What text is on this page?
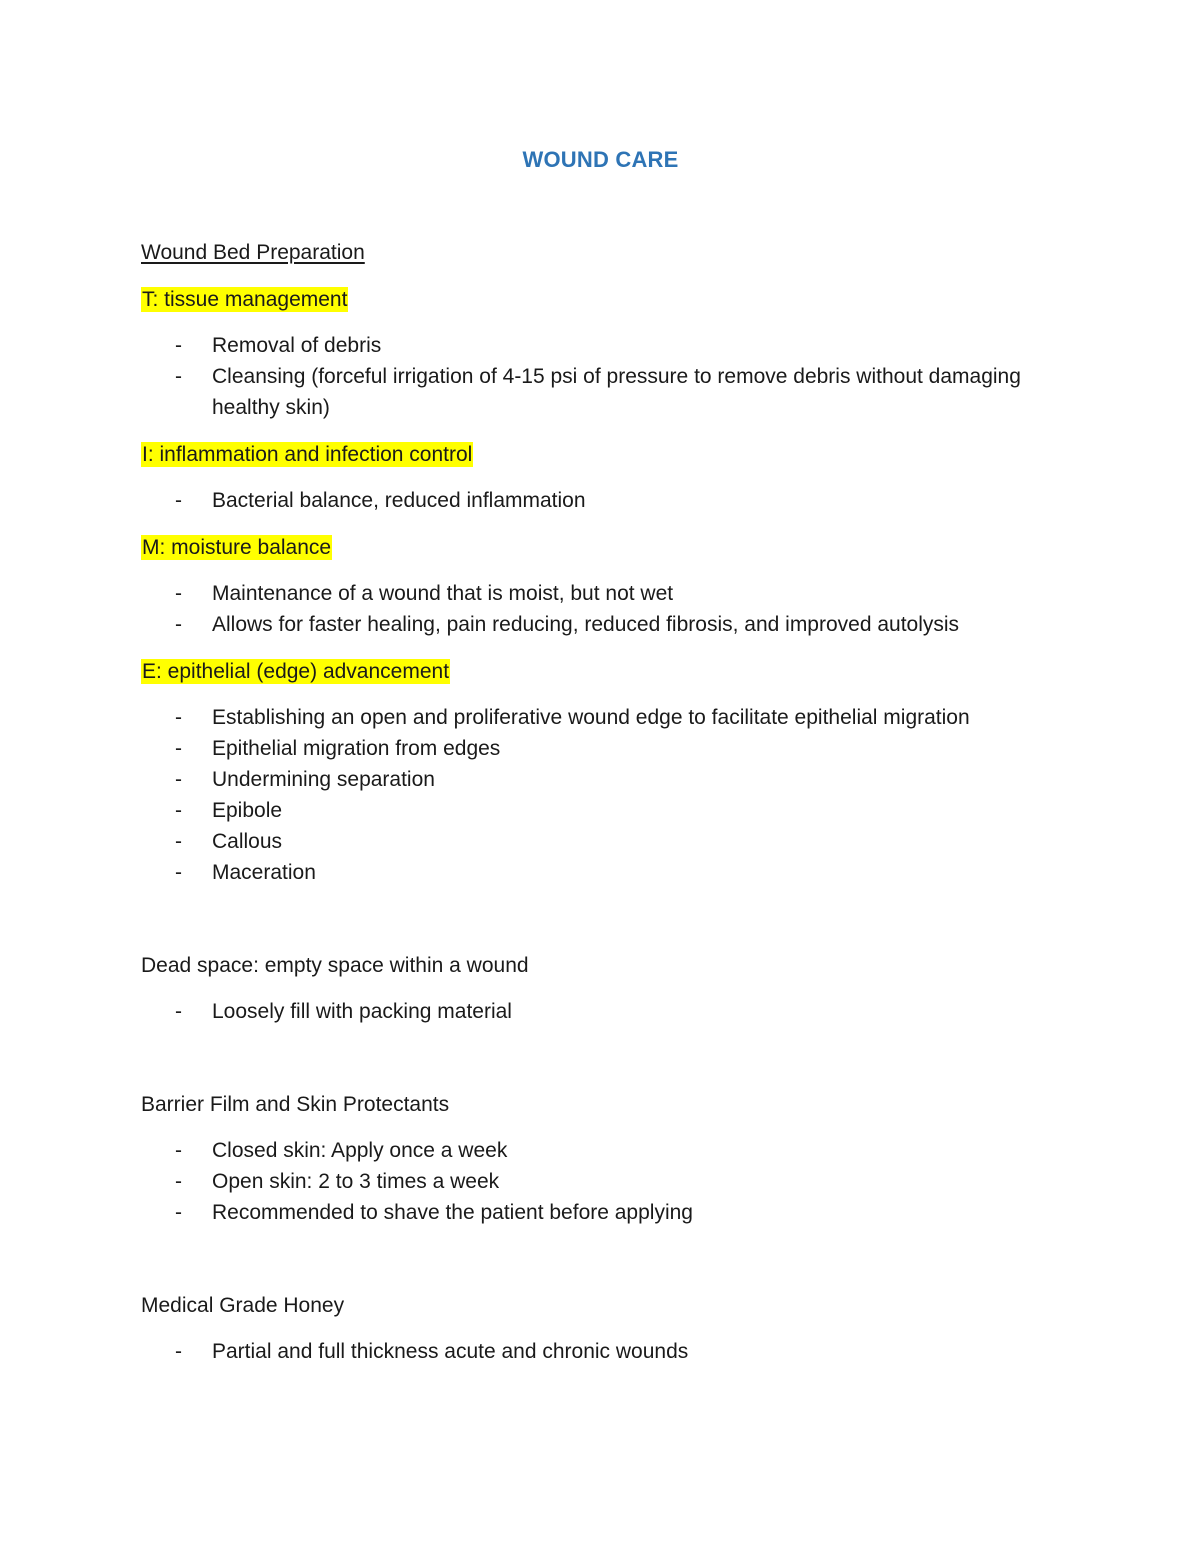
WOUND CARE

Wound Bed Preparation

T: tissue management

- Removal of debris
- Cleansing (forceful irrigation of 4-15 psi of pressure to remove debris without damaging healthy skin)

I: inflammation and infection control

- Bacterial balance, reduced inflammation

M: moisture balance

- Maintenance of a wound that is moist, but not wet
- Allows for faster healing, pain reducing, reduced fibrosis, and improved autolysis

E: epithelial (edge) advancement

- Establishing an open and proliferative wound edge to facilitate epithelial migration
- Epithelial migration from edges
- Undermining separation
- Epibole
- Callous
- Maceration

Dead space: empty space within a wound

- Loosely fill with packing material

Barrier Film and Skin Protectants

- Closed skin: Apply once a week
- Open skin: 2 to 3 times a week
- Recommended to shave the patient before applying

Medical Grade Honey

- Partial and full thickness acute and chronic wounds
